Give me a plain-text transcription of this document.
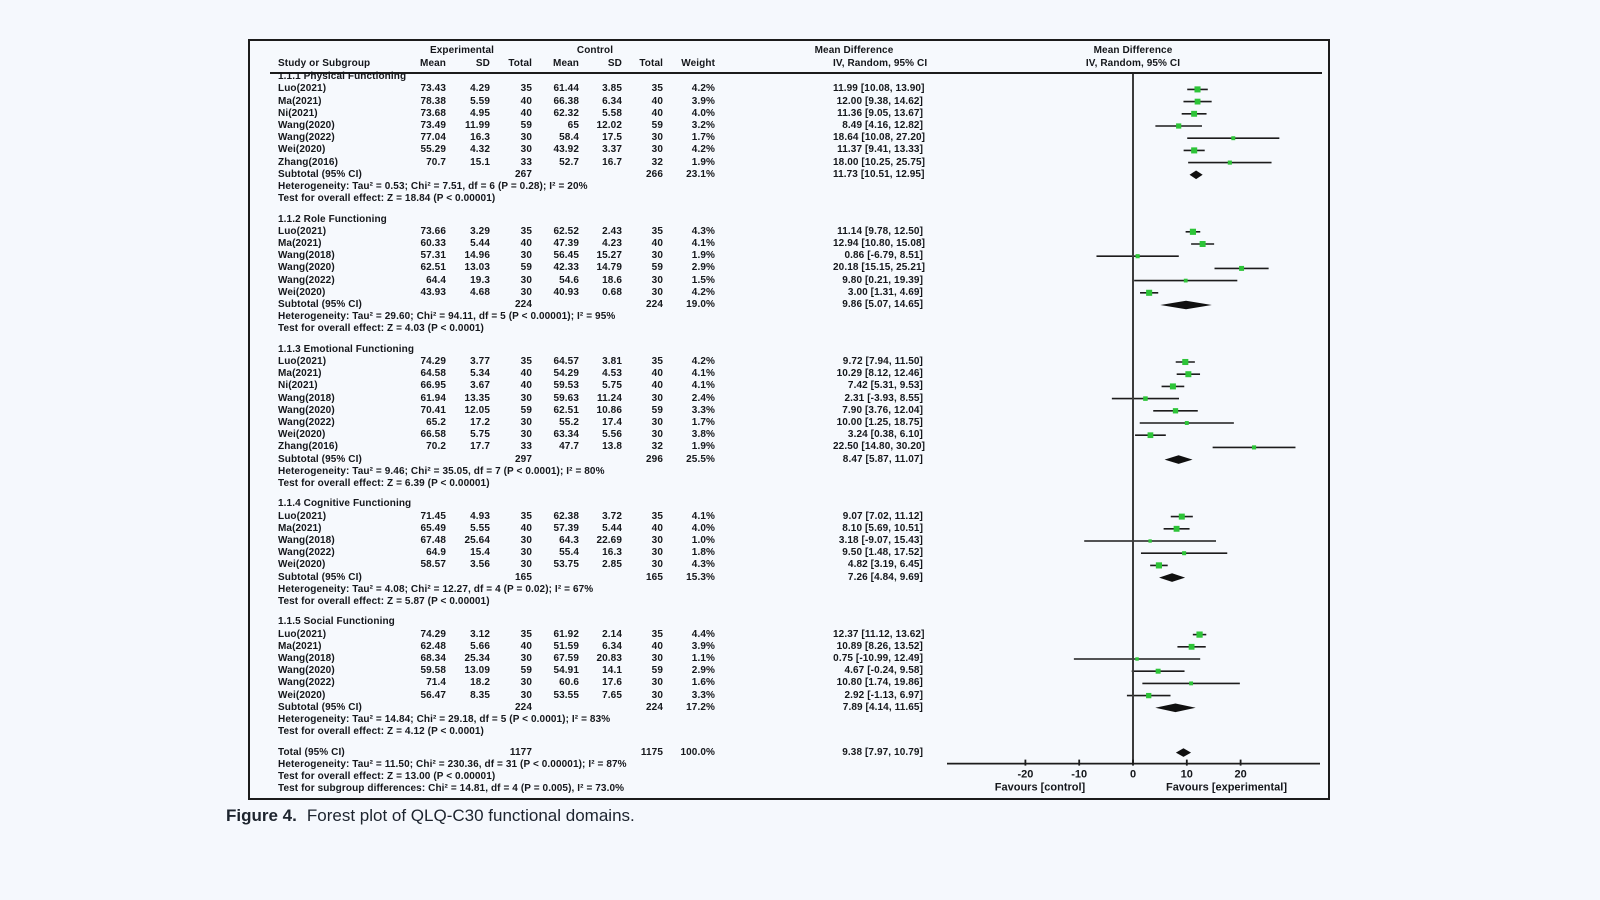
-20	-10	0	10	20
Favours [control]	Favours [experimental]
Experimental	Control	Mean Difference	Mean Difference
Study or Subgroup	Mean	SD	Total	Mean	SD	Total	Weight	IV, Random, 95% CI	IV, Random, 95% CI
1.1.1 Physical Functioning
Luo(2021)	73.43	4.29	35	61.44	3.85	35	4.2%	11.99 [10.08, 13.90]
Ma(2021)	78.38	5.59	40	66.38	6.34	40	3.9%	12.00 [9.38, 14.62]
Ni(2021)	73.68	4.95	40	62.32	5.58	40	4.0%	11.36 [9.05, 13.67]
Wang(2020)	73.49	11.99	59	65	12.02	59	3.2%	8.49 [4.16, 12.82]
Wang(2022)	77.04	16.3	30	58.4	17.5	30	1.7%	18.64 [10.08, 27.20]
Wei(2020)	55.29	4.32	30	43.92	3.37	30	4.2%	11.37 [9.41, 13.33]
Zhang(2016)	70.7	15.1	33	52.7	16.7	32	1.9%	18.00 [10.25, 25.75]
Subtotal (95% CI)	267	266	23.1%	11.73 [10.51, 12.95]
Heterogeneity: Tau² = 0.53; Chi² = 7.51, df = 6 (P = 0.28); I² = 20%
Test for overall effect: Z = 18.84 (P < 0.00001)
1.1.2 Role Functioning
Luo(2021)	73.66	3.29	35	62.52	2.43	35	4.3%	11.14 [9.78, 12.50]
Ma(2021)	60.33	5.44	40	47.39	4.23	40	4.1%	12.94 [10.80, 15.08]
Wang(2018)	57.31	14.96	30	56.45	15.27	30	1.9%	0.86 [-6.79, 8.51]
Wang(2020)	62.51	13.03	59	42.33	14.79	59	2.9%	20.18 [15.15, 25.21]
Wang(2022)	64.4	19.3	30	54.6	18.6	30	1.5%	9.80 [0.21, 19.39]
Wei(2020)	43.93	4.68	30	40.93	0.68	30	4.2%	3.00 [1.31, 4.69]
Subtotal (95% CI)	224	224	19.0%	9.86 [5.07, 14.65]
Heterogeneity: Tau² = 29.60; Chi² = 94.11, df = 5 (P < 0.00001); I² = 95%
Test for overall effect: Z = 4.03 (P < 0.0001)
1.1.3 Emotional Functioning
Luo(2021)	74.29	3.77	35	64.57	3.81	35	4.2%	9.72 [7.94, 11.50]
Ma(2021)	64.58	5.34	40	54.29	4.53	40	4.1%	10.29 [8.12, 12.46]
Ni(2021)	66.95	3.67	40	59.53	5.75	40	4.1%	7.42 [5.31, 9.53]
Wang(2018)	61.94	13.35	30	59.63	11.24	30	2.4%	2.31 [-3.93, 8.55]
Wang(2020)	70.41	12.05	59	62.51	10.86	59	3.3%	7.90 [3.76, 12.04]
Wang(2022)	65.2	17.2	30	55.2	17.4	30	1.7%	10.00 [1.25, 18.75]
Wei(2020)	66.58	5.75	30	63.34	5.56	30	3.8%	3.24 [0.38, 6.10]
Zhang(2016)	70.2	17.7	33	47.7	13.8	32	1.9%	22.50 [14.80, 30.20]
Subtotal (95% CI)	297	296	25.5%	8.47 [5.87, 11.07]
Heterogeneity: Tau² = 9.46; Chi² = 35.05, df = 7 (P < 0.0001); I² = 80%
Test for overall effect: Z = 6.39 (P < 0.00001)
1.1.4 Cognitive Functioning
Luo(2021)	71.45	4.93	35	62.38	3.72	35	4.1%	9.07 [7.02, 11.12]
Ma(2021)	65.49	5.55	40	57.39	5.44	40	4.0%	8.10 [5.69, 10.51]
Wang(2018)	67.48	25.64	30	64.3	22.69	30	1.0%	3.18 [-9.07, 15.43]
Wang(2022)	64.9	15.4	30	55.4	16.3	30	1.8%	9.50 [1.48, 17.52]
Wei(2020)	58.57	3.56	30	53.75	2.85	30	4.3%	4.82 [3.19, 6.45]
Subtotal (95% CI)	165	165	15.3%	7.26 [4.84, 9.69]
Heterogeneity: Tau² = 4.08; Chi² = 12.27, df = 4 (P = 0.02); I² = 67%
Test for overall effect: Z = 5.87 (P < 0.00001)
1.1.5 Social Functioning
Luo(2021)	74.29	3.12	35	61.92	2.14	35	4.4%	12.37 [11.12, 13.62]
Ma(2021)	62.48	5.66	40	51.59	6.34	40	3.9%	10.89 [8.26, 13.52]
Wang(2018)	68.34	25.34	30	67.59	20.83	30	1.1%	0.75 [-10.99, 12.49]
Wang(2020)	59.58	13.09	59	54.91	14.1	59	2.9%	4.67 [-0.24, 9.58]
Wang(2022)	71.4	18.2	30	60.6	17.6	30	1.6%	10.80 [1.74, 19.86]
Wei(2020)	56.47	8.35	30	53.55	7.65	30	3.3%	2.92 [-1.13, 6.97]
Subtotal (95% CI)	224	224	17.2%	7.89 [4.14, 11.65]
Heterogeneity: Tau² = 14.84; Chi² = 29.18, df = 5 (P < 0.0001); I² = 83%
Test for overall effect: Z = 4.12 (P < 0.0001)
Total (95% CI)	1177	1175	100.0%	9.38 [7.97, 10.79]
Heterogeneity: Tau² = 11.50; Chi² = 230.36, df = 31 (P < 0.00001); I² = 87%
Test for overall effect: Z = 13.00 (P < 0.00001)
Test for subgroup differences: Chi² = 14.81, df = 4 (P = 0.005), I² = 73.0%
Figure 4. Forest plot of QLQ-C30 functional domains.
